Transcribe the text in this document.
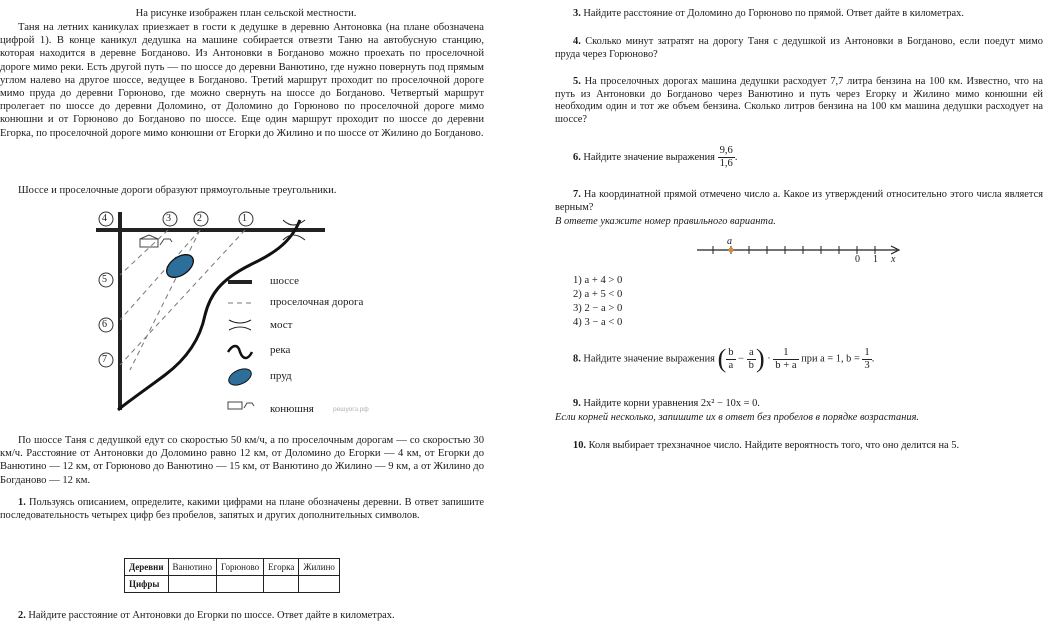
На рисунке изображен план сельской местности.

Таня на летних каникулах приезжает в гости к дедушке в деревню Антоновка (на плане обозначена цифрой 1). В конце каникул дедушка на машине собирается отвезти Таню на автобусную станцию, которая находится в деревне Богданово. Из Антоновки в Богданово можно проехать по проселочной дороге мимо реки. Есть другой путь — по шоссе до деревни Ванютино, где нужно повернуть под прямым углом налево на другое шоссе, ведущее в Богданово. Третий маршрут проходит по проселочной дороге мимо пруда до деревни Горюново, где можно свернуть на шоссе до Богданово. Четвертый маршрут пролегает по шоссе до деревни Доломино, от Доломино до Горюново по проселочной дороге мимо конюшни и от Горюново до Богданово по шоссе. Еще один маршрут проходит по шоссе до деревни Егорка, по проселочной дороге мимо конюшни от Егорки до Жилино и по шоссе от Жилино до Богданово.

Шоссе и проселочные дороги образуют прямоугольные треугольники.

4	3	2	1
5
6
7
шоссе
проселочная дорога
мост
река
пруд
конюшня	решуогэ.рф

По шоссе Таня с дедушкой едут со скоростью 50 км/ч, а по проселочным дорогам — со скоростью 30 км/ч. Расстояние от Антоновки до Доломино равно 12 км, от Доломино до Егорки — 4 км, от Егорки до Ванютино — 12 км, от Горюново до Ванютино — 15 км, от Ванютино до Жилино — 9 км, а от Жилино до Богданово — 12 км.

1. Пользуясь описанием, определите, какими цифрами на плане обозначены деревни. В ответ запишите последовательность четырех цифр без пробелов, запятых и других дополнительных символов.

Деревни	Ванютино	Горюново	Егорка	Жилино
Цифры				

2. Найдите расстояние от Антоновки до Егорки по шоссе. Ответ дайте в километрах.

3. Найдите расстояние от Доломино до Горюново по прямой. Ответ дайте в километрах.

4. Сколько минут затратят на дорогу Таня с дедушкой из Антоновки в Богданово, если поедут мимо пруда через Горюново?

5. На проселочных дорогах машина дедушки расходует 7,7 литра бензина на 100 км. Известно, что на путь из Антоновки до Богданово через Ванютино и путь через Егорку и Жилино мимо конюшни ей необходим один и тот же объем бензина. Сколько литров бензина на 100 км машина дедушки расходует на шоссе?

6. Найдите значение выражения $\frac{9,6}{1,6}$ .

7. На координатной прямой отмечено число a. Какое из утверждений относительно этого числа является верным?

В ответе укажите номер правильного варианта.

a
0 1 x
1) a + 4 > 0
2) a + 5 < 0
3) 2 − a > 0
4) 3 − a < 0
8. Найдите значение выражения ( $\frac{b}{a} - \frac{a}{b}$ ) · $\frac{1}{b + a}$ при a = 1, $b = \frac{1}{3}$ .
9. Найдите корни уравнения 2x² − 10x = 0.

Если корней несколько, запишите их в ответ без пробелов в порядке возрастания.

10. Коля выбирает трехзначное число. Найдите вероятность того, что оно делится на 5.
